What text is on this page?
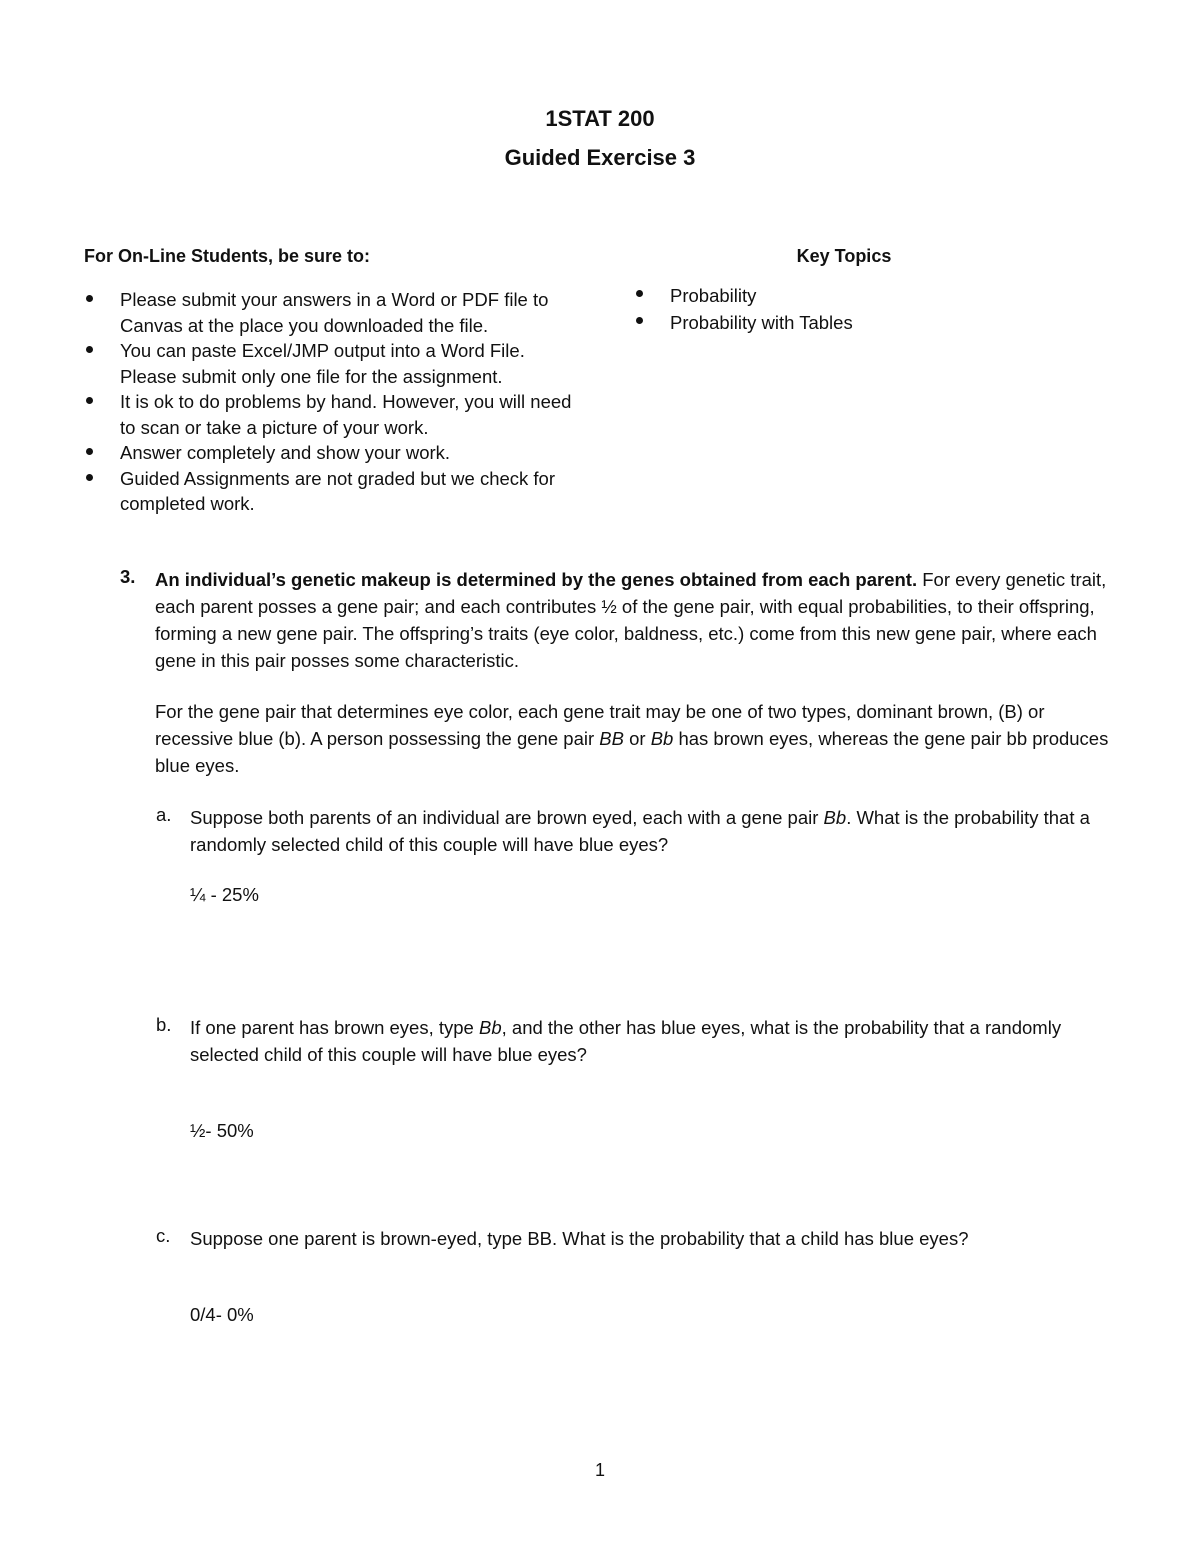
1STAT 200
Guided Exercise 3
For On-Line Students, be sure to:
Please submit your answers in a Word or PDF file to Canvas at the place you downloaded the file.
You can paste Excel/JMP output into a Word File. Please submit only one file for the assignment.
It is ok to do problems by hand. However, you will need to scan or take a picture of your work.
Answer completely and show your work.
Guided Assignments are not graded but we check for completed work.
Key Topics
Probability
Probability with Tables
3. An individual’s genetic makeup is determined by the genes obtained from each parent. For every genetic trait, each parent posses a gene pair; and each contributes ½ of the gene pair, with equal probabilities, to their offspring, forming a new gene pair. The offspring’s traits (eye color, baldness, etc.) come from this new gene pair, where each gene in this pair posses some characteristic.

For the gene pair that determines eye color, each gene trait may be one of two types, dominant brown, (B) or recessive blue (b). A person possessing the gene pair BB or Bb has brown eyes, whereas the gene pair bb produces blue eyes.

a. Suppose both parents of an individual are brown eyed, each with a gene pair Bb. What is the probability that a randomly selected child of this couple will have blue eyes?
¼ - 25%
b. If one parent has brown eyes, type Bb, and the other has blue eyes, what is the probability that a randomly selected child of this couple will have blue eyes?
½- 50%
c. Suppose one parent is brown-eyed, type BB. What is the probability that a child has blue eyes?
0/4- 0%
1
